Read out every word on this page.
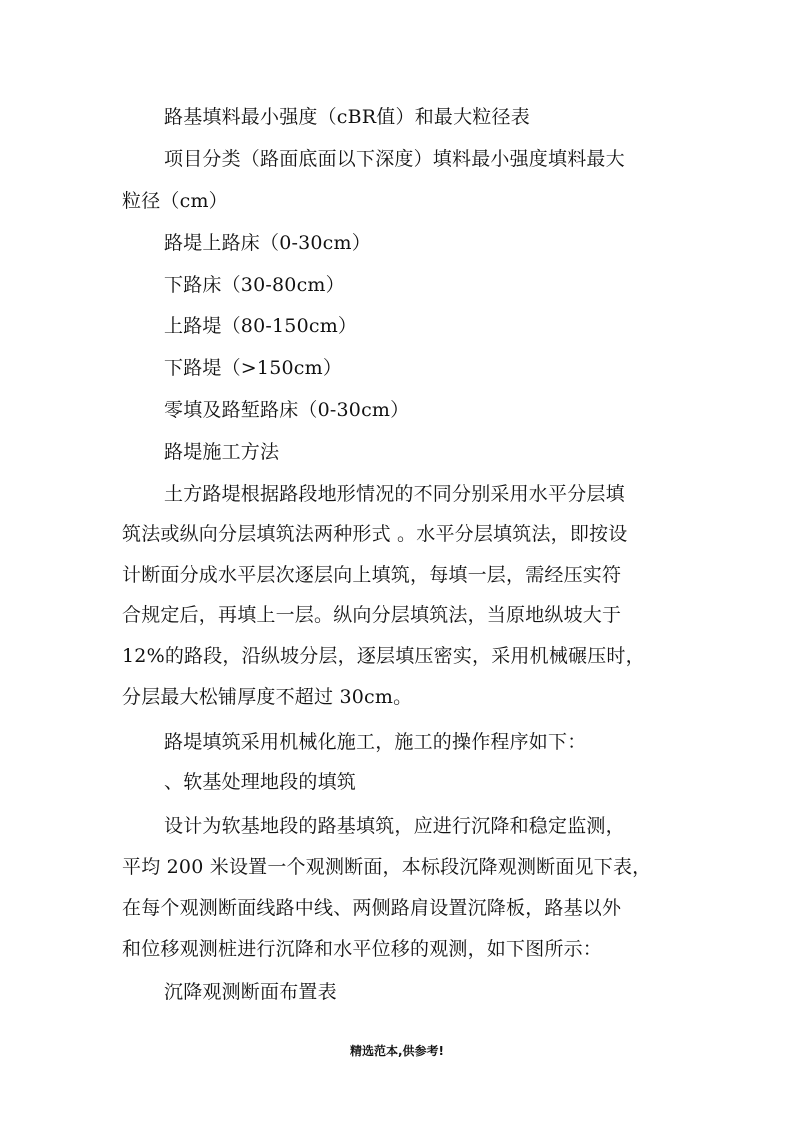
路基填料最小强度（cBR值）和最大粒径表
项目分类（路面底面以下深度）填料最小强度填料最大
粒径（cm）
路堤上路床（0-30cm）
下路床（30-80cm）
上路堤（80-150cm）
下路堤（>150cm）
零填及路堑路床（0-30cm）
路堤施工方法
土方路堤根据路段地形情况的不同分别采用水平分层填
筑法或纵向分层填筑法两种形式 。水平分层填筑法，即按设
计断面分成水平层次逐层向上填筑，每填一层，需经压实符
合规定后，再填上一层。纵向分层填筑法，当原地纵坡大于
12%的路段，沿纵坡分层，逐层填压密实，采用机械碾压时，
分层最大松铺厚度不超过 30cm。
路堤填筑采用机械化施工，施工的操作程序如下：
、软基处理地段的填筑
设计为软基地段的路基填筑，应进行沉降和稳定监测，
平均 200 米设置一个观测断面，本标段沉降观测断面见下表，
在每个观测断面线路中线、两侧路肩设置沉降板，路基以外
和位移观测桩进行沉降和水平位移的观测，如下图所示：
沉降观测断面布置表
精选范本,供参考!
